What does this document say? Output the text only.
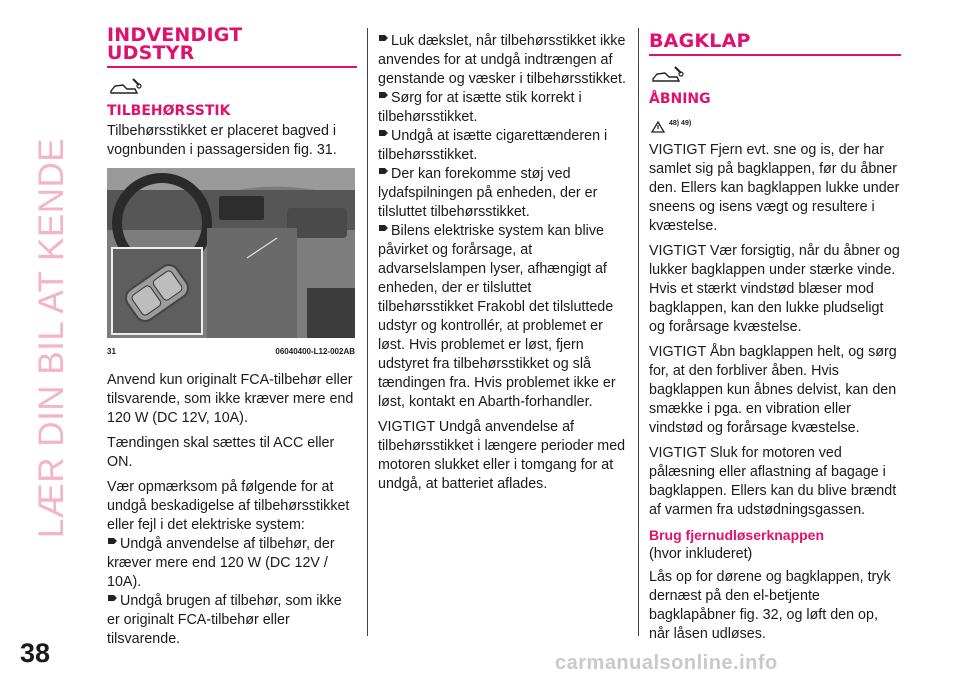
LÆR DIN BIL AT KENDE
38	carmanualsonline.info
INDVENDIGT
UDSTYR
TILBEHØRSSTIK

Tilbehørsstikket er placeret bagved i vognbunden i passagersiden fig. 31.

31	06040400-L12-002AB

Anvend kun originalt FCA-tilbehør eller tilsvarende, som ikke kræver mere end 120 W (DC 12V, 10A).

Tændingen skal sættes til ACC eller ON.

Vær opmærksom på følgende for at undgå beskadigelse af tilbehørsstikket eller fejl i det elektriske system:

Undgå anvendelse af tilbehør, der kræver mere end 120 W (DC 12V / 10A).
Undgå brugen af tilbehør, som ikke er originalt FCA-tilbehør eller tilsvarende.
Luk dækslet, når tilbehørsstikket ikke anvendes for at undgå indtrængen af genstande og væsker i tilbehørsstikket.
Sørg for at isætte stik korrekt i tilbehørsstikket.
Undgå at isætte cigarettænderen i tilbehørsstikket.
Der kan forekomme støj ved lydafspilningen på enheden, der er tilsluttet tilbehørsstikket.
Bilens elektriske system kan blive påvirket og forårsage, at advarselslampen lyser, afhængigt af enheden, der er tilsluttet tilbehørsstikket Frakobl det tilsluttede udstyr og kontrollér, at problemet er løst. Hvis problemet er løst, fjern udstyret fra tilbehørsstikket og slå tændingen fra. Hvis problemet ikke er løst, kontakt en Abarth-forhandler.

VIGTIGT Undgå anvendelse af tilbehørsstikket i længere perioder med motoren slukket eller i tomgang for at undgå, at batteriet aflades.

BAGKLAP
ÅBNING
48) 49)

VIGTIGT Fjern evt. sne og is, der har samlet sig på bagklappen, før du åbner den. Ellers kan bagklappen lukke under sneens og isens vægt og resultere i kvæstelse.

VIGTIGT Vær forsigtig, når du åbner og lukker bagklappen under stærke vinde. Hvis et stærkt vindstød blæser mod bagklappen, kan den lukke pludseligt og forårsage kvæstelse.

VIGTIGT Åbn bagklappen helt, og sørg for, at den forbliver åben. Hvis bagklappen kun åbnes delvist, kan den smække i pga. en vibration eller vindstød og forårsage kvæstelse.

VIGTIGT Sluk for motoren ved pålæsning eller aflastning af bagage i bagklappen. Ellers kan du blive brændt af varmen fra udstødningsgassen.

Brug fjernudløserknappen
(hvor inkluderet)

Lås op for dørene og bagklappen, tryk dernæst på den el-betjente bagklapåbner fig. 32, og løft den op, når låsen udløses.
